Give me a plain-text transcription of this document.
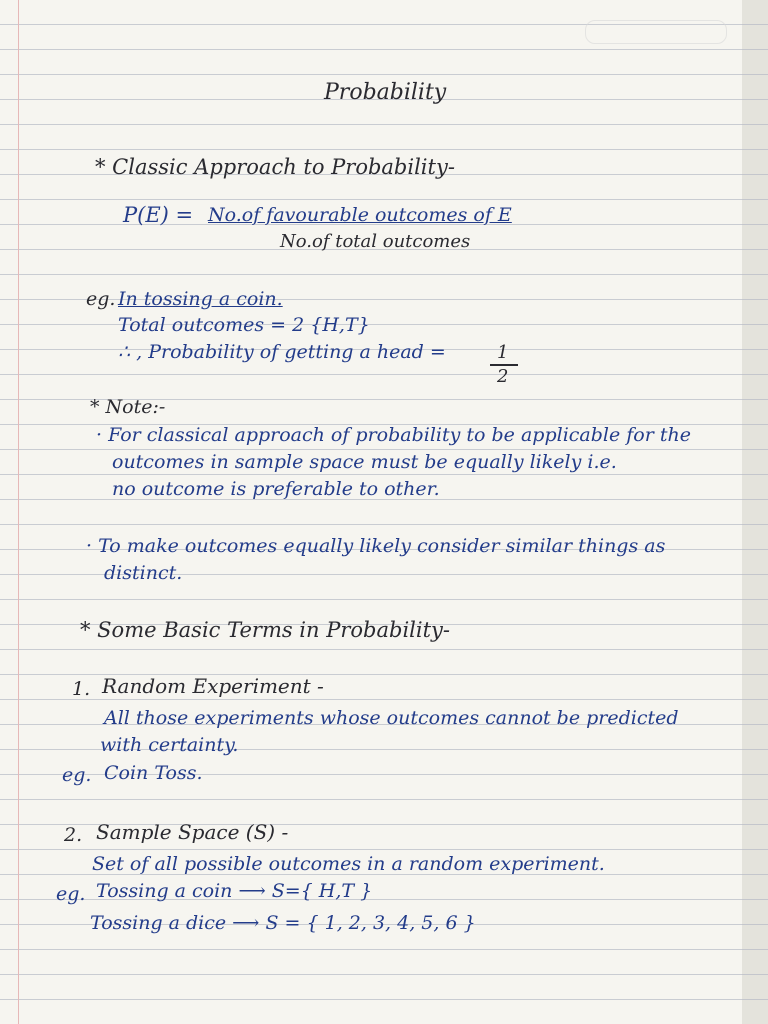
Probability
* Classic Approach to Probability-
P(E) = No.of favourable outcomes of E
No.of total outcomes
eg. In tossing a coin.
Total outcomes = 2 {H,T}
∴ , Probability of getting a head =	1
2
* Note:-
· For classical approach of probability to be applicable for the
outcomes in sample space must be equally likely i.e.
no outcome is preferable to other.
· To make outcomes equally likely consider similar things as
distinct.
* Some Basic Terms in Probability-
1. Random Experiment -
All those experiments whose outcomes cannot be predicted
with certainty.
eg. Coin Toss.
2. Sample Space (S) -
Set of all possible outcomes in a random experiment.
eg. Tossing a coin ⟶ S={ H,T }
Tossing a dice ⟶ S = { 1, 2, 3, 4, 5, 6 }
